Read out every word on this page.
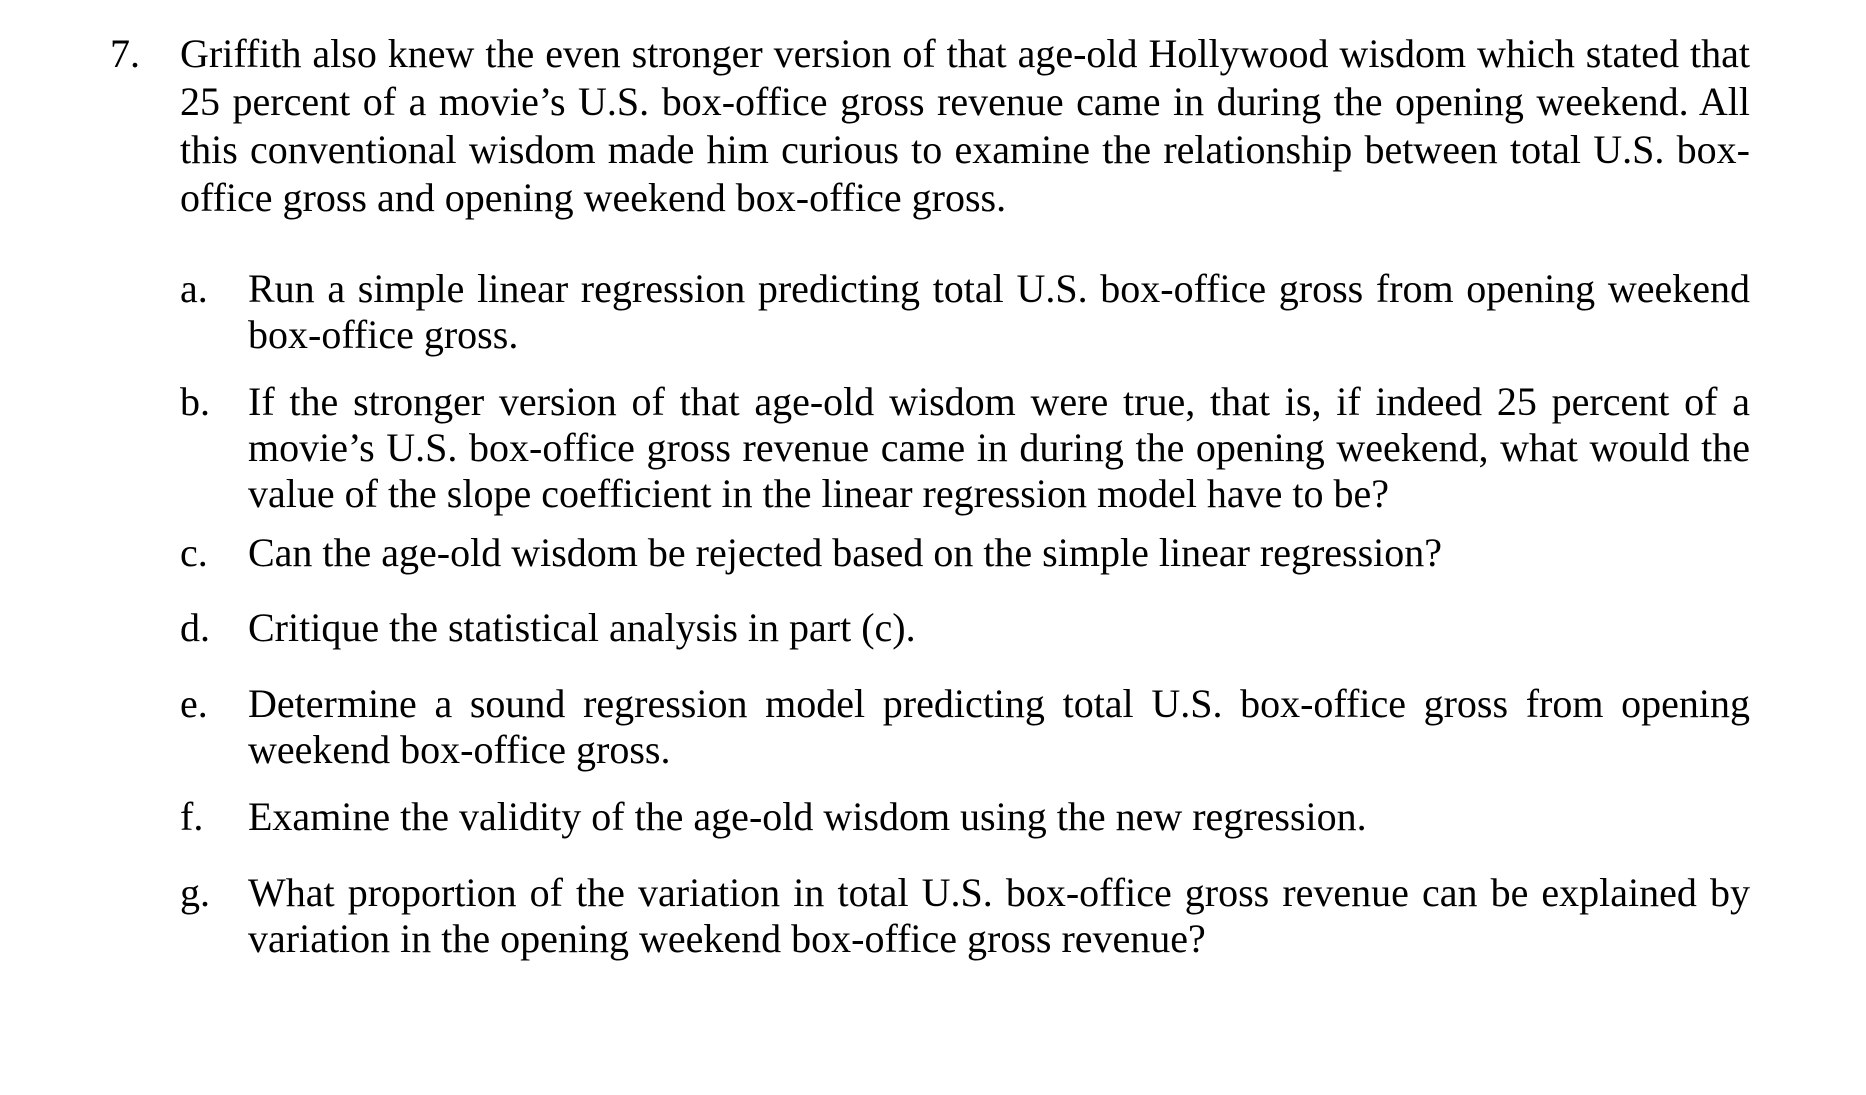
7. Griffith also knew the even stronger version of that age-old Hollywood wisdom which stated that 25 percent of a movie’s U.S. box-office gross revenue came in during the opening weekend. All this conventional wisdom made him curious to examine the relationship between total U.S. box-office gross and opening weekend box-office gross.
a. Run a simple linear regression predicting total U.S. box-office gross from opening weekend box-office gross.
b. If the stronger version of that age-old wisdom were true, that is, if indeed 25 percent of a movie’s U.S. box-office gross revenue came in during the opening weekend, what would the value of the slope coefficient in the linear regression model have to be?
c. Can the age-old wisdom be rejected based on the simple linear regression?
d. Critique the statistical analysis in part (c).
e. Determine a sound regression model predicting total U.S. box-office gross from opening weekend box-office gross.
f. Examine the validity of the age-old wisdom using the new regression.
g. What proportion of the variation in total U.S. box-office gross revenue can be explained by variation in the opening weekend box-office gross revenue?
